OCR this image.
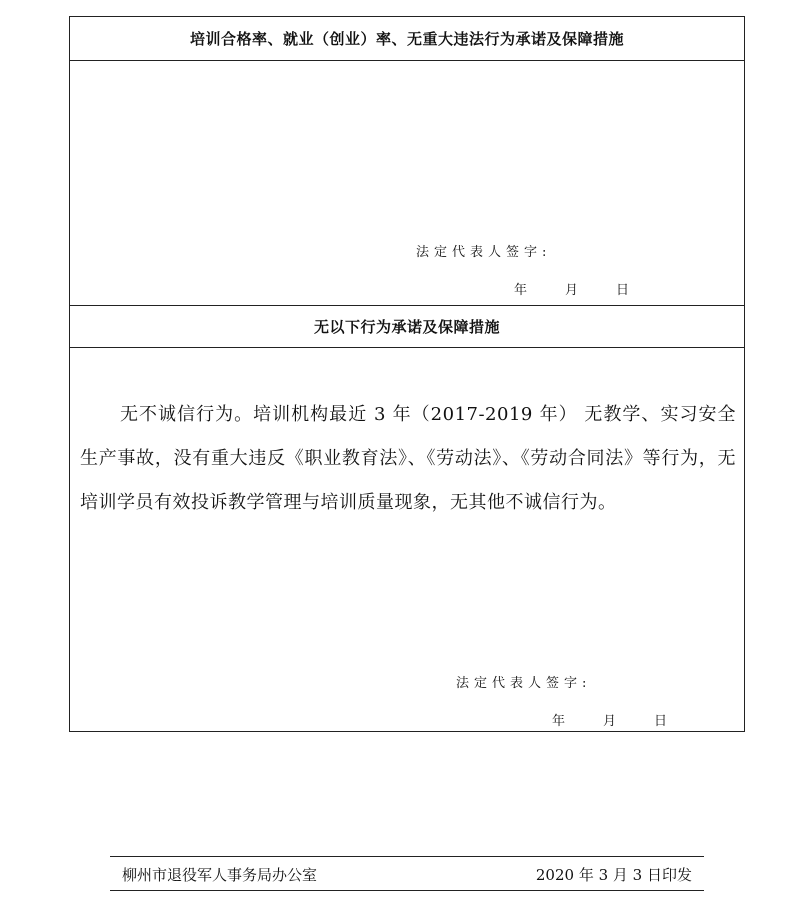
培训合格率、就业（创业）率、无重大违法行为承诺及保障措施
法定代表人签字:
年	月	日
无以下行为承诺及保障措施
无不诚信行为。培训机构最近 3 年（2017-2019 年） 无教学、实习安全生产事故，没有重大违反《职业教育法》、《劳动法》、《劳动合同法》等行为，无培训学员有效投诉教学管理与培训质量现象，无其他不诚信行为。
法定代表人签字:
年	月	日
柳州市退役军人事务局办公室	2020 年 3 月 3 日印发
